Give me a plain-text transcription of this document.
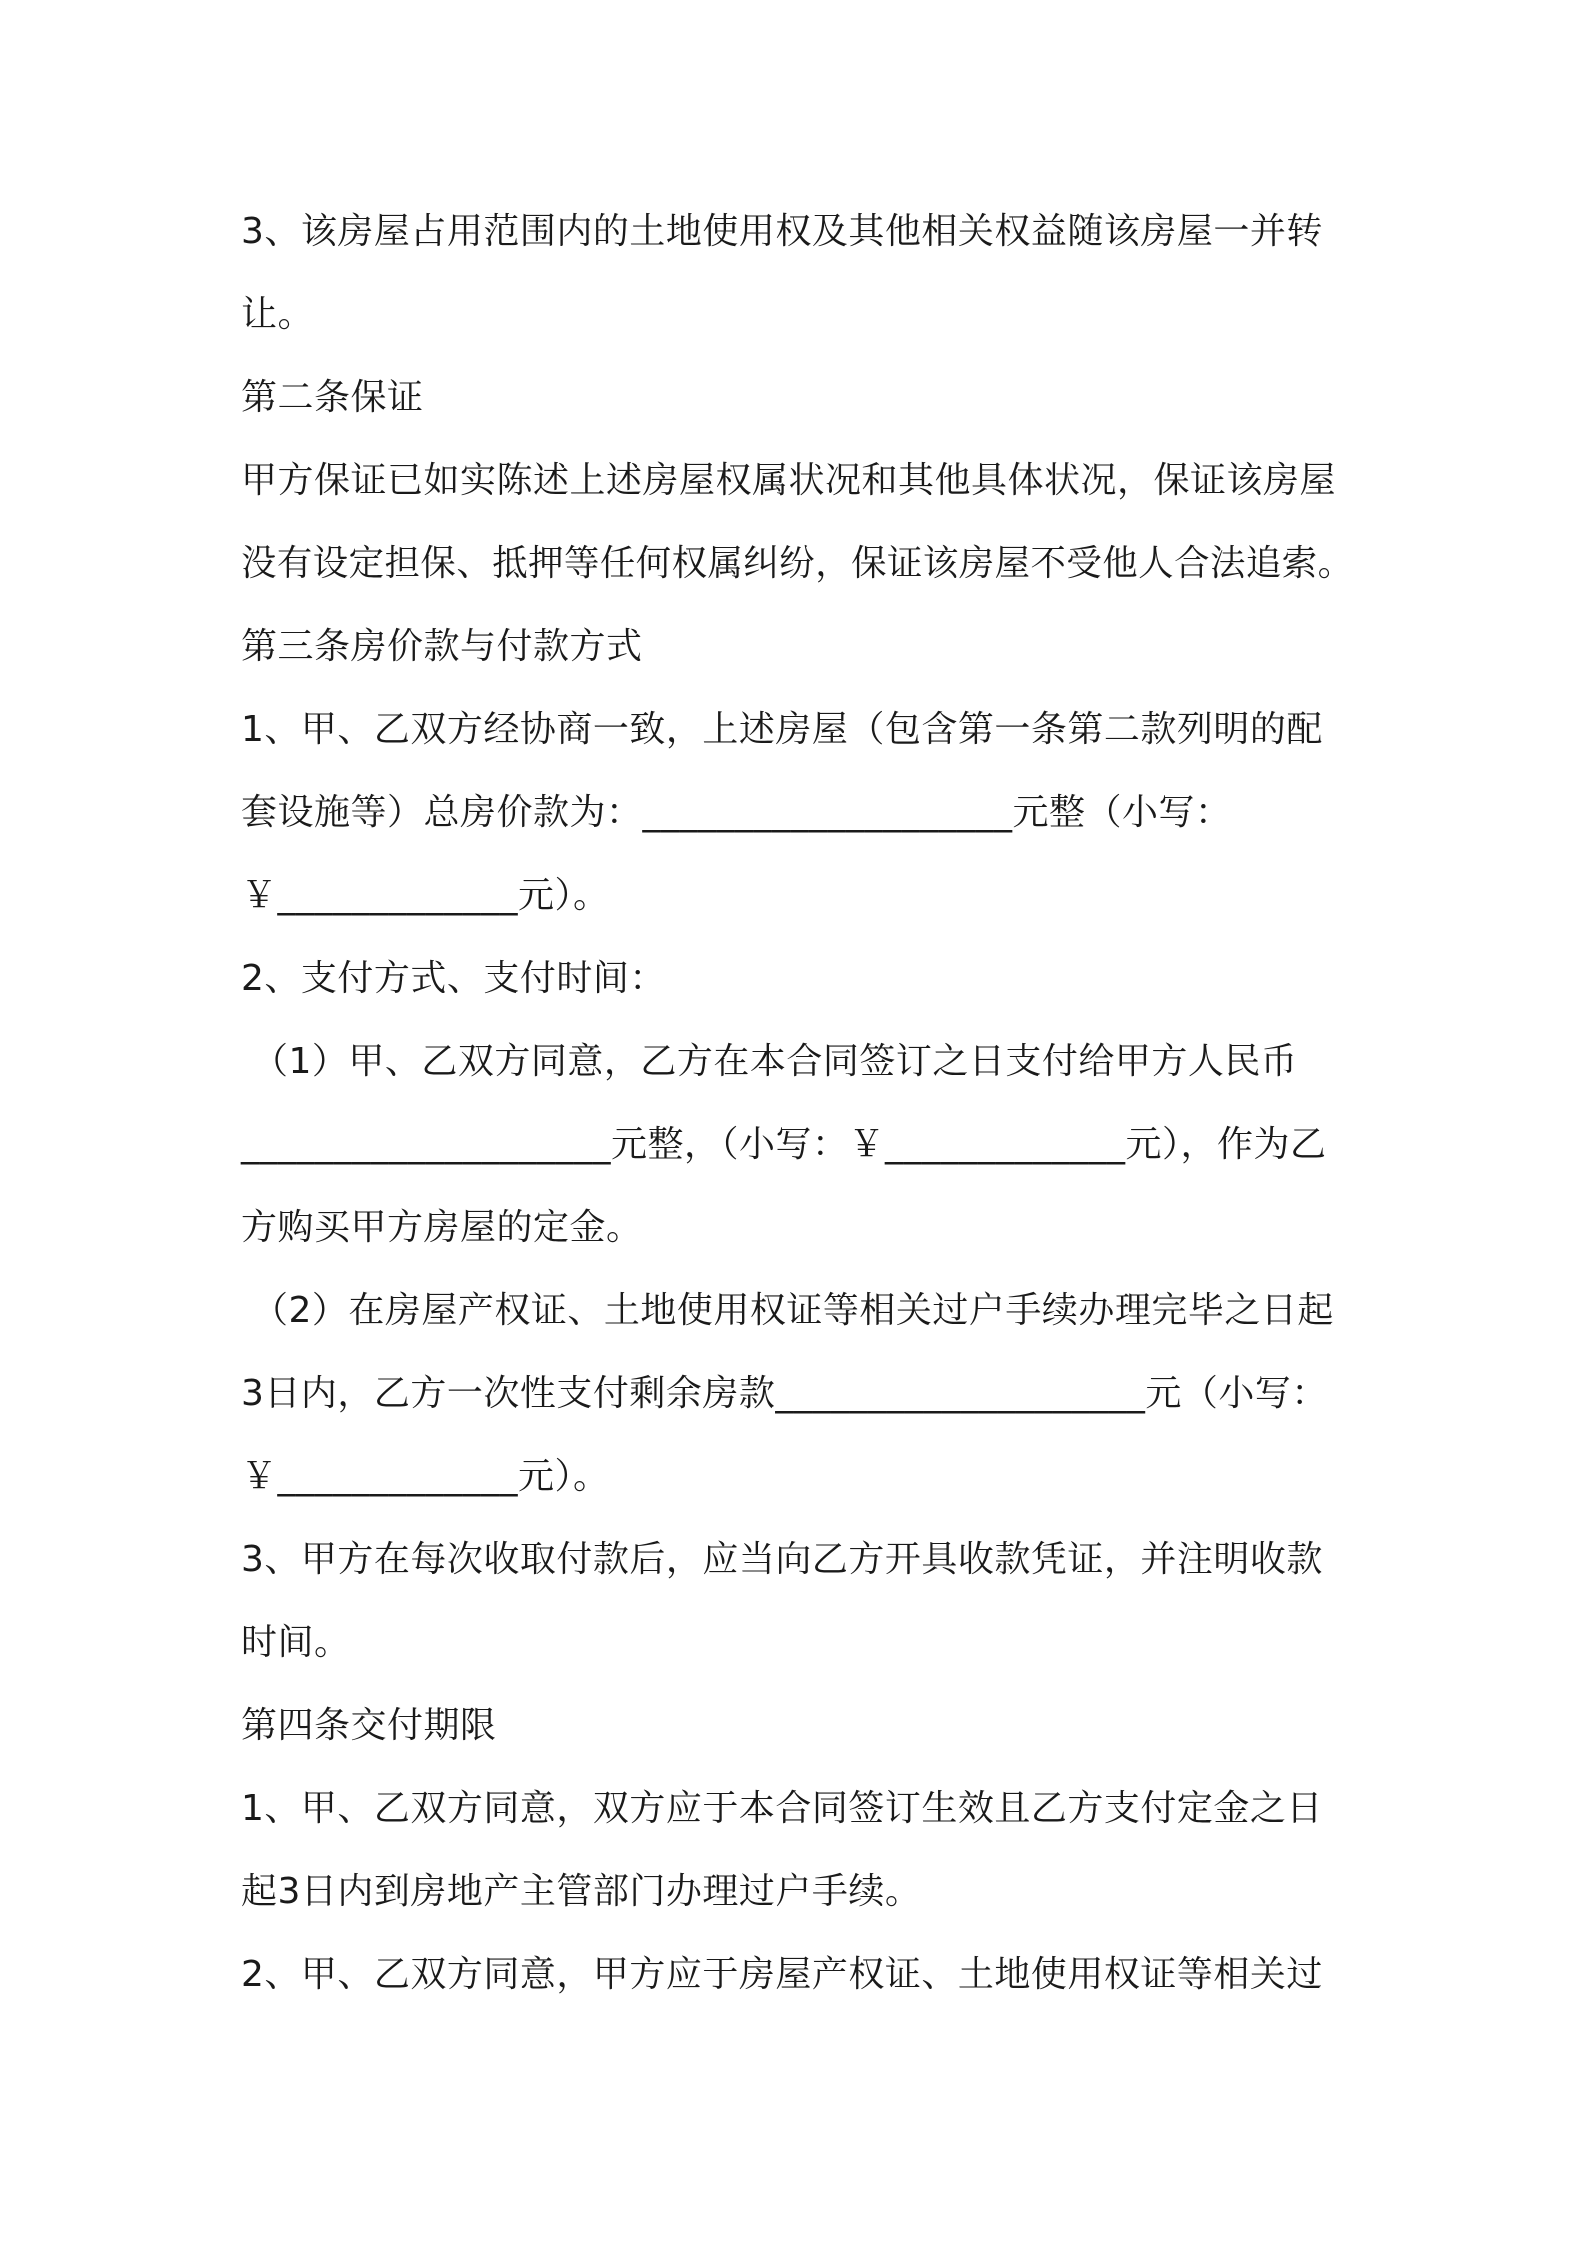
3、该房屋占用范围内的土地使用权及其他相关权益随该房屋一并转
让。
第二条保证
甲方保证已如实陈述上述房屋权属状况和其他具体状况，保证该房屋
没有设定担保、抵押等任何权属纠纷，保证该房屋不受他人合法追索。
第三条房价款与付款方式
1、甲、乙双方经协商一致，上述房屋（包含第一条第二款列明的配
套设施等）总房价款为：____________________元整（小写：
￥_____________元）。
2、支付方式、支付时间：
（1）甲、乙双方同意，乙方在本合同签订之日支付给甲方人民币
____________________元整，（小写：￥_____________元），作为乙
方购买甲方房屋的定金。
（2）在房屋产权证、土地使用权证等相关过户手续办理完毕之日起
3日内，乙方一次性支付剩余房款____________________元（小写：
￥_____________元）。
3、甲方在每次收取付款后，应当向乙方开具收款凭证，并注明收款
时间。
第四条交付期限
1、甲、乙双方同意，双方应于本合同签订生效且乙方支付定金之日
起3日内到房地产主管部门办理过户手续。
2、甲、乙双方同意，甲方应于房屋产权证、土地使用权证等相关过
